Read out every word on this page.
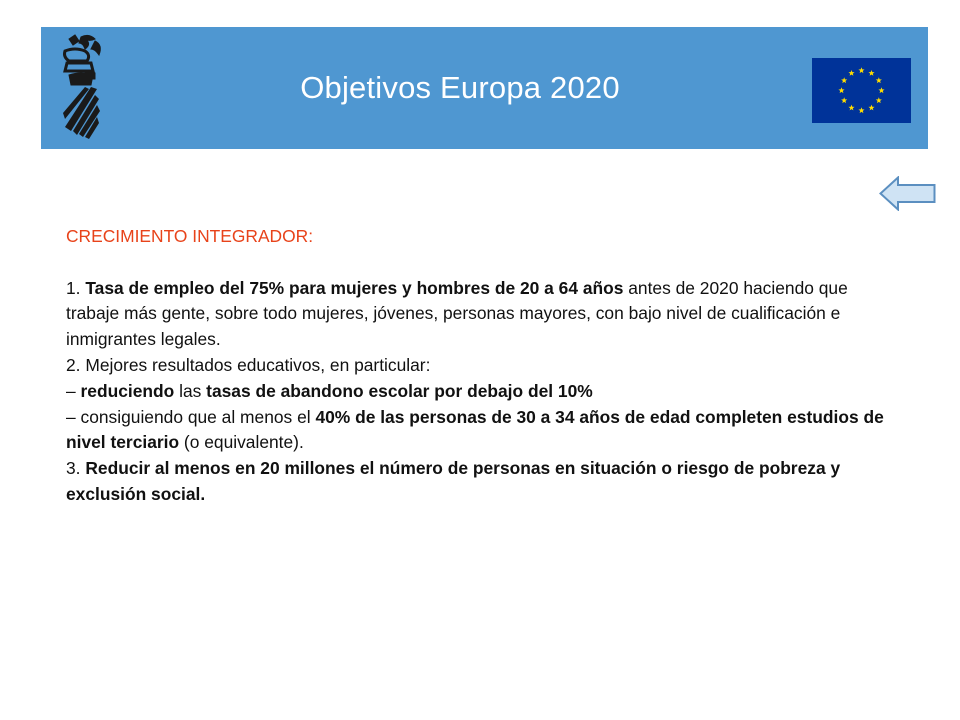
Objetivos Europa 2020

CRECIMIENTO INTEGRADOR:

1. Tasa de empleo del 75% para mujeres y hombres de 20 a 64 años antes de 2020 haciendo que trabaje más gente, sobre todo mujeres, jóvenes, personas mayores, con bajo nivel de cualificación e inmigrantes legales.

2. Mejores resultados educativos, en particular:

– reduciendo las tasas de abandono escolar por debajo del 10%

– consiguiendo que al menos el 40% de las personas de 30 a 34 años de edad completen estudios de nivel terciario (o equivalente).

3. Reducir al menos en 20 millones el número de personas en situación o riesgo de pobreza y exclusión social.
